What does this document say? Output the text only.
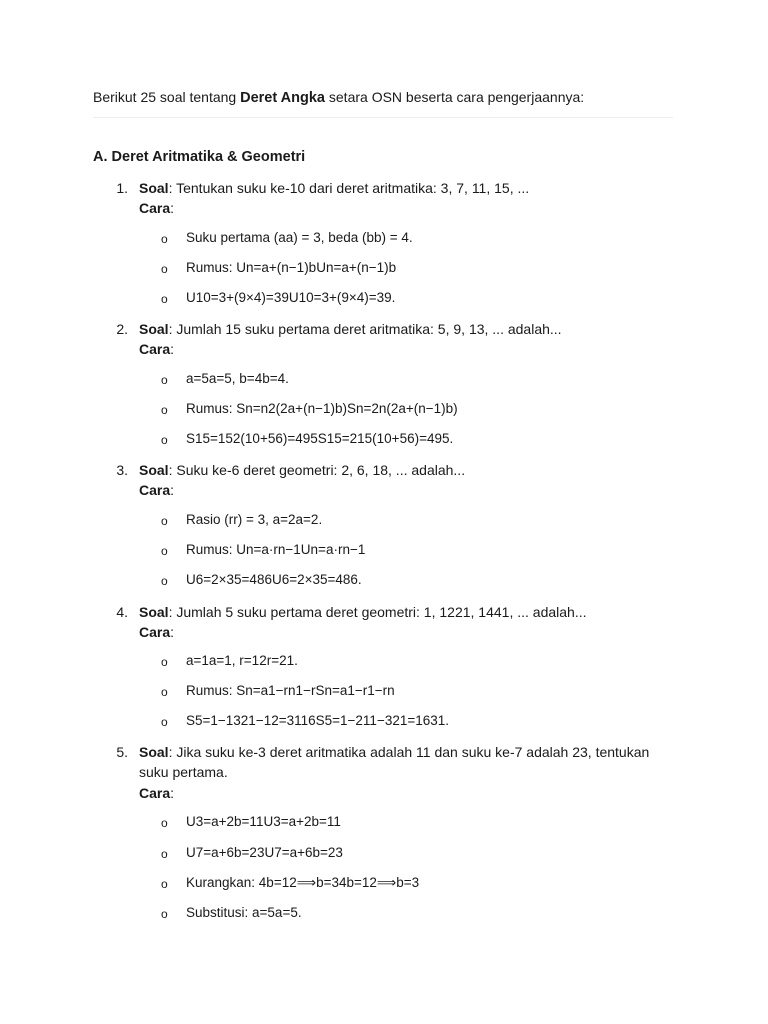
Berikut 25 soal tentang Deret Angka setara OSN beserta cara pengerjaannya:
A. Deret Aritmatika & Geometri
1. Soal: Tentukan suku ke-10 dari deret aritmatika: 3, 7, 11, 15, ...
Cara:
o Suku pertama (aa) = 3, beda (bb) = 4.
o Rumus: Un=a+(n−1)bUn=a+(n−1)b
o U10=3+(9×4)=39U10=3+(9×4)=39.
2. Soal: Jumlah 15 suku pertama deret aritmatika: 5, 9, 13, ... adalah...
Cara:
o a=5a=5, b=4b=4.
o Rumus: Sn=n2(2a+(n−1)b)Sn=2n(2a+(n−1)b)
o S15=152(10+56)=495S15=215(10+56)=495.
3. Soal: Suku ke-6 deret geometri: 2, 6, 18, ... adalah...
Cara:
o Rasio (rr) = 3, a=2a=2.
o Rumus: Un=a·rn−1Un=a·rn−1
o U6=2×35=486U6=2×35=486.
4. Soal: Jumlah 5 suku pertama deret geometri: 1, 1221, 1441, ... adalah...
Cara:
o a=1a=1, r=12r=21.
o Rumus: Sn=a1−rn1−rSn=a1−r1−rn
o S5=1−1321−12=3116S5=1−211−321=1631.
5. Soal: Jika suku ke-3 deret aritmatika adalah 11 dan suku ke-7 adalah 23, tentukan suku pertama.
Cara:
o U3=a+2b=11U3=a+2b=11
o U7=a+6b=23U7=a+6b=23
o Kurangkan: 4b=12⟹b=34b=12⟹b=3
o Substitusi: a=5a=5.
